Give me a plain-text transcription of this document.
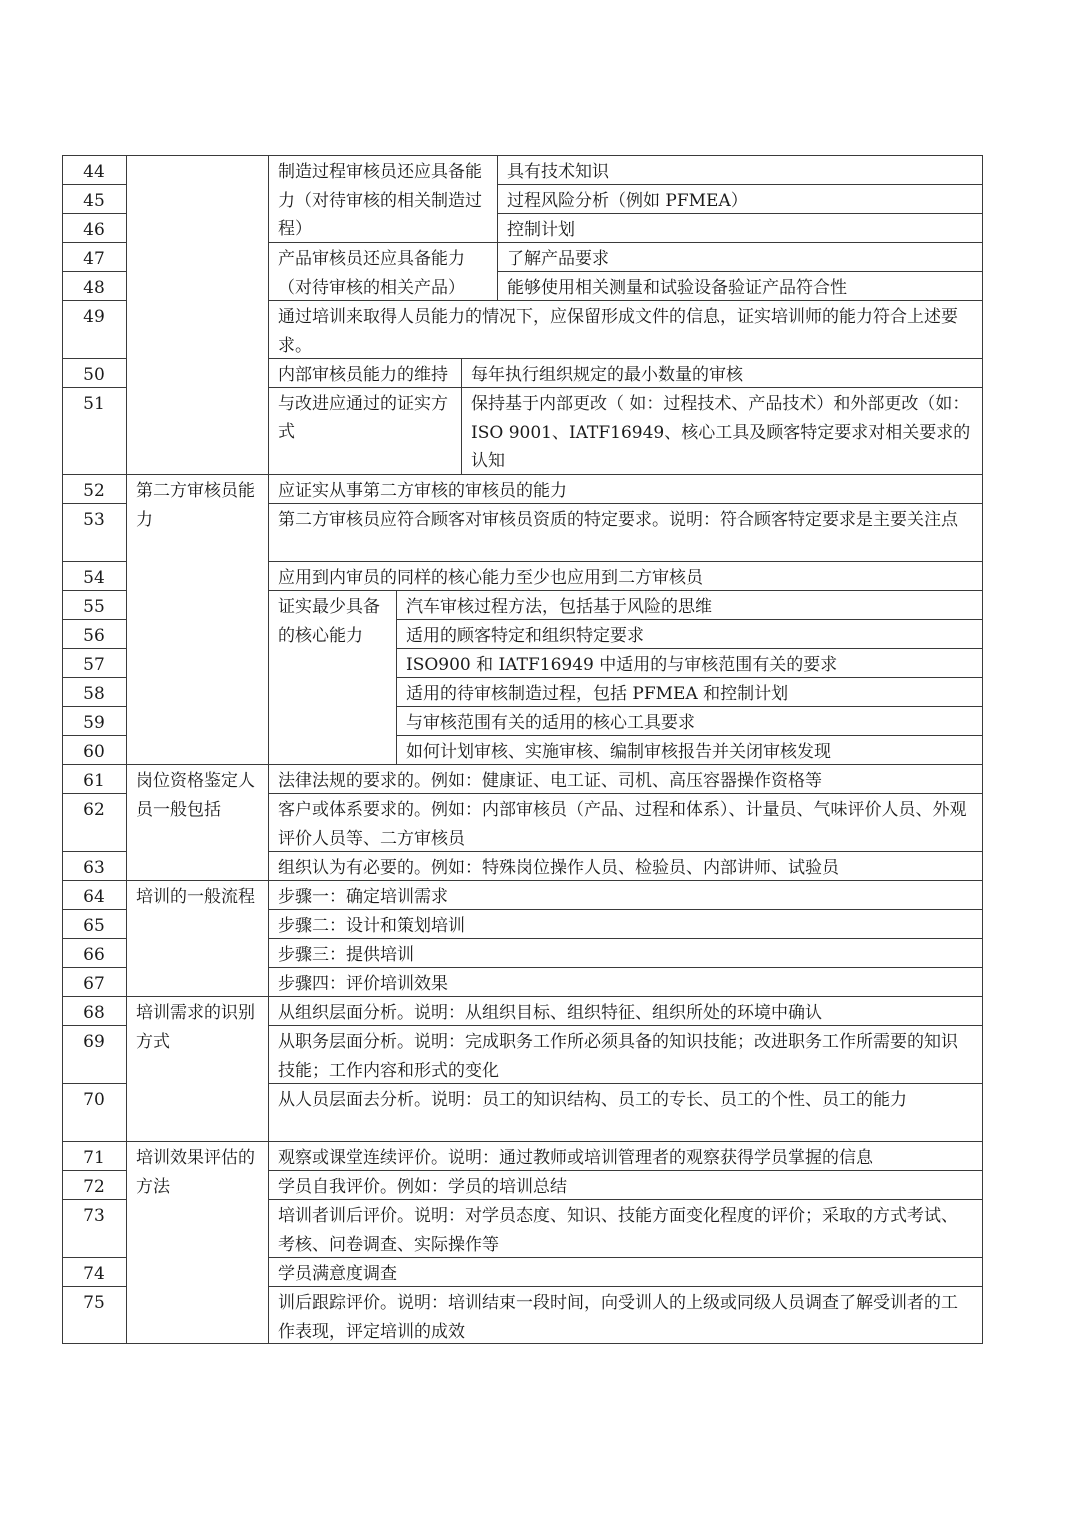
44
45
46
47
48
49
50
51
52
53
54
55
56
57
58
59
60
61
62
63
64
65
66
67
68
69
70
71
72
73
74
75
制造过程审核员还应具备能力（对待审核的相关制造过程）
具有技术知识
过程风险分析（例如 PFMEA）
控制计划
产品审核员还应具备能力（对待审核的相关产品）
了解产品要求
能够使用相关测量和试验设备验证产品符合性
通过培训来取得人员能力的情况下，应保留形成文件的信息，证实培训师的能力符合上述要求。
内部审核员能力的维持与改进应通过的证实方式
每年执行组织规定的最小数量的审核
保持基于内部更改（ 如：过程技术、产品技术）和外部更改（如：ISO 9001、IATF16949、核心工具及顾客特定要求对相关要求的认知
第二方审核员能力
应证实从事第二方审核的审核员的能力
第二方审核员应符合顾客对审核员资质的特定要求。说明：符合顾客特定要求是主要关注点
应用到内审员的同样的核心能力至少也应用到二方审核员
证实最少具备的核心能力
汽车审核过程方法，包括基于风险的思维
适用的顾客特定和组织特定要求
ISO900 和 IATF16949 中适用的与审核范围有关的要求
适用的待审核制造过程，包括 PFMEA 和控制计划
与审核范围有关的适用的核心工具要求
如何计划审核、实施审核、编制审核报告并关闭审核发现
岗位资格鉴定人员一般包括
法律法规的要求的。例如：健康证、电工证、司机、高压容器操作资格等
客户或体系要求的。例如：内部审核员（产品、过程和体系）、计量员、气味评价人员、外观评价人员等、二方审核员
组织认为有必要的。例如：特殊岗位操作人员、检验员、内部讲师、试验员
培训的一般流程	步骤一：确定培训需求
步骤二：设计和策划培训
步骤三：提供培训
步骤四：评价培训效果
培训需求的识别方式
从组织层面分析。说明：从组织目标、组织特征、组织所处的环境中确认
从职务层面分析。说明：完成职务工作所必须具备的知识技能；改进职务工作所需要的知识技能；工作内容和形式的变化
从人员层面去分析。说明：员工的知识结构、员工的专长、员工的个性、员工的能力
培训效果评估的方法
观察或课堂连续评价。说明：通过教师或培训管理者的观察获得学员掌握的信息
学员自我评价。例如：学员的培训总结
培训者训后评价。说明：对学员态度、知识、技能方面变化程度的评价；采取的方式考试、考核、问卷调查、实际操作等
学员满意度调查
训后跟踪评价。说明：培训结束一段时间，向受训人的上级或同级人员调查了解受训者的工作表现，评定培训的成效
